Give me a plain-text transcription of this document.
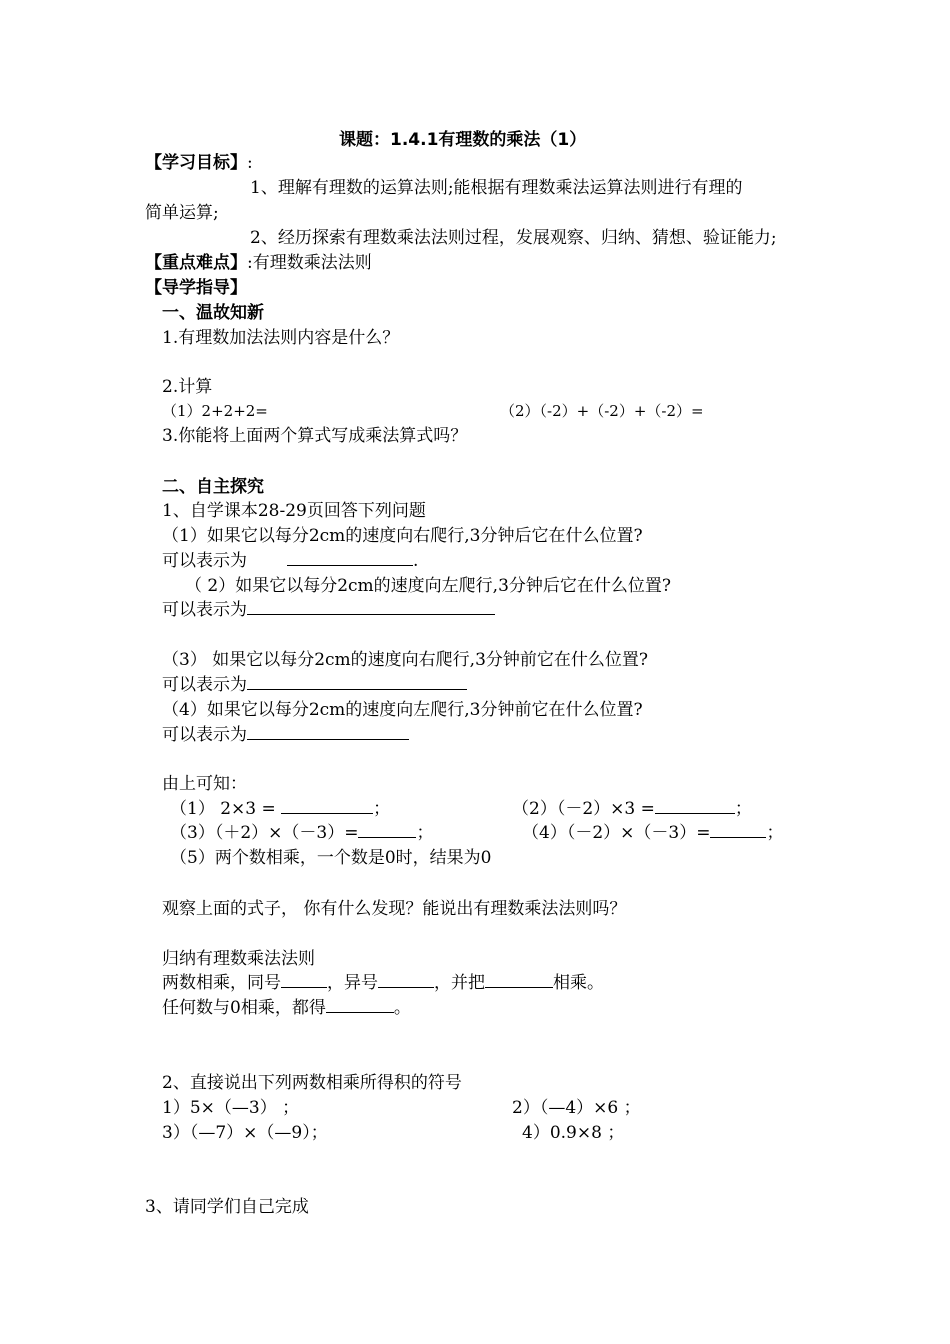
课题：1.4.1有理数的乘法（1）
【学习目标】:
1、理解有理数的运算法则;能根据有理数乘法运算法则进行有理的
简单运算;
2、经历探索有理数乘法法则过程，发展观察、归纳、猜想、验证能力;
【重点难点】:有理数乘法法则
【导学指导】
一、温故知新
1.有理数加法法则内容是什么？
2.计算
（1）2+2+2=	（2）（-2）+（-2）+（-2）=
3.你能将上面两个算式写成乘法算式吗？
二、自主探究
1、自学课本28-29页回答下列问题
（1）如果它以每分2cm的速度向右爬行,3分钟后它在什么位置?
可以表示为	.
（ 2）如果它以每分2cm的速度向左爬行,3分钟后它在什么位置?
可以表示为
（3） 如果它以每分2cm的速度向右爬行,3分钟前它在什么位置?
可以表示为
（4）如果它以每分2cm的速度向左爬行,3分钟前它在什么位置?
可以表示为
由上可知：
（1） 2×3 =	；	（2）（－2）×3 =	；
（3）（＋2）×（－3）=	；	（4）（－2）×（－3）=	；
（5）两个数相乘，一个数是0时，结果为0
观察上面的式子， 你有什么发现？能说出有理数乘法法则吗？
归纳有理数乘法法则
两数相乘，同号	，异号	，并把	相乘。
任何数与0相乘，都得	。
2、直接说出下列两数相乘所得积的符号
1）5×（—3） ；	2）（—4）×6 ；
3）（—7）×（—9）；	4）0.9×8 ；
3、请同学们自己完成
